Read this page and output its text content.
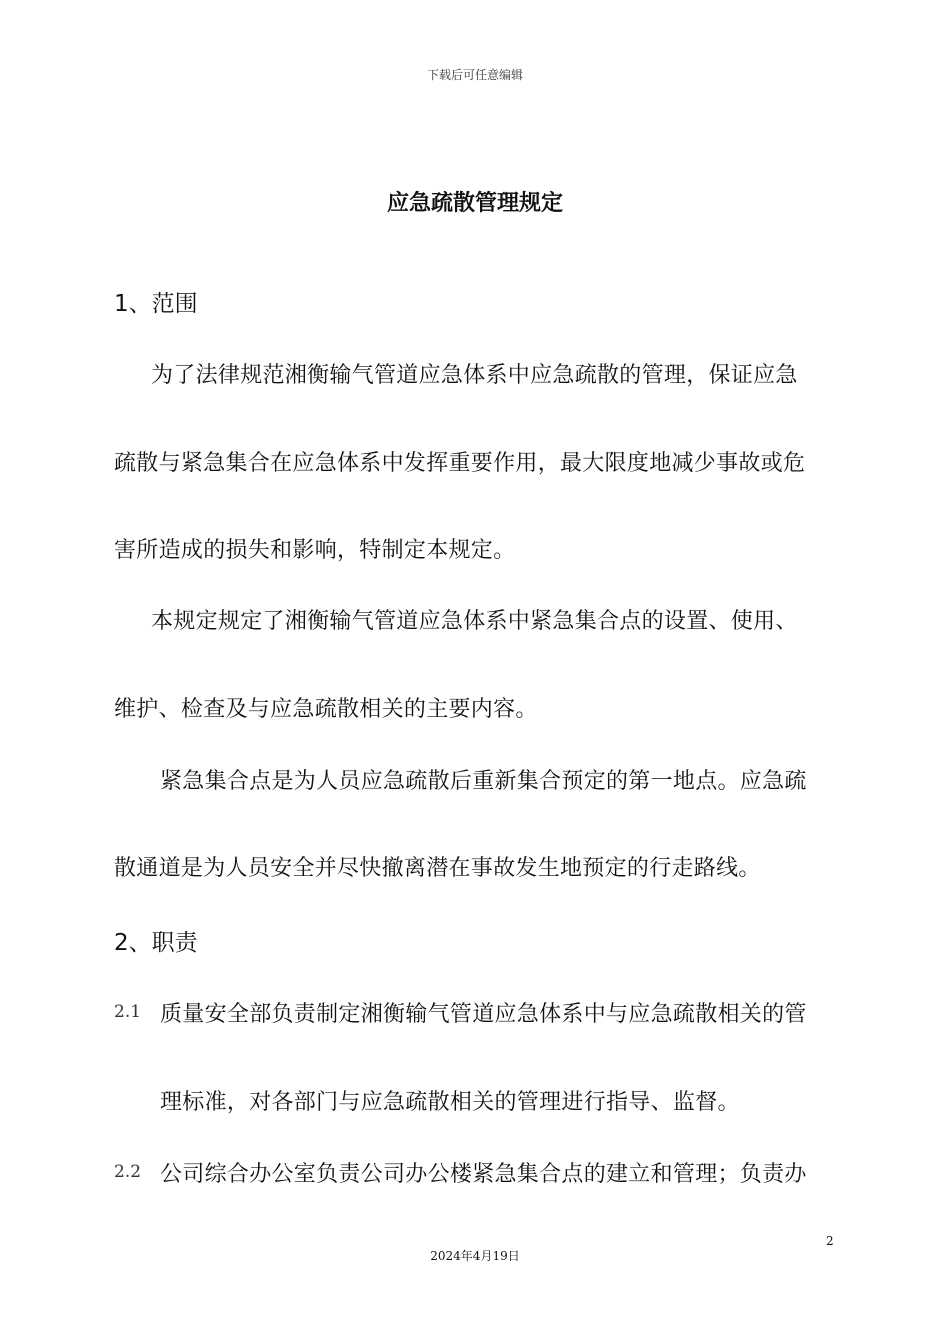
下载后可任意编辑
应急疏散管理规定
1、范围
为了法律规范湘衡输气管道应急体系中应急疏散的管理，保证应急
疏散与紧急集合在应急体系中发挥重要作用，最大限度地减少事故或危
害所造成的损失和影响，特制定本规定。
本规定规定了湘衡输气管道应急体系中紧急集合点的设置、使用、
维护、检查及与应急疏散相关的主要内容。
紧急集合点是为人员应急疏散后重新集合预定的第一地点。应急疏
散通道是为人员安全并尽快撤离潜在事故发生地预定的行走路线。
2、职责
2.1 质量安全部负责制定湘衡输气管道应急体系中与应急疏散相关的管
理标准，对各部门与应急疏散相关的管理进行指导、监督。
2.2 公司综合办公室负责公司办公楼紧急集合点的建立和管理；负责办
2
2024年4月19日
